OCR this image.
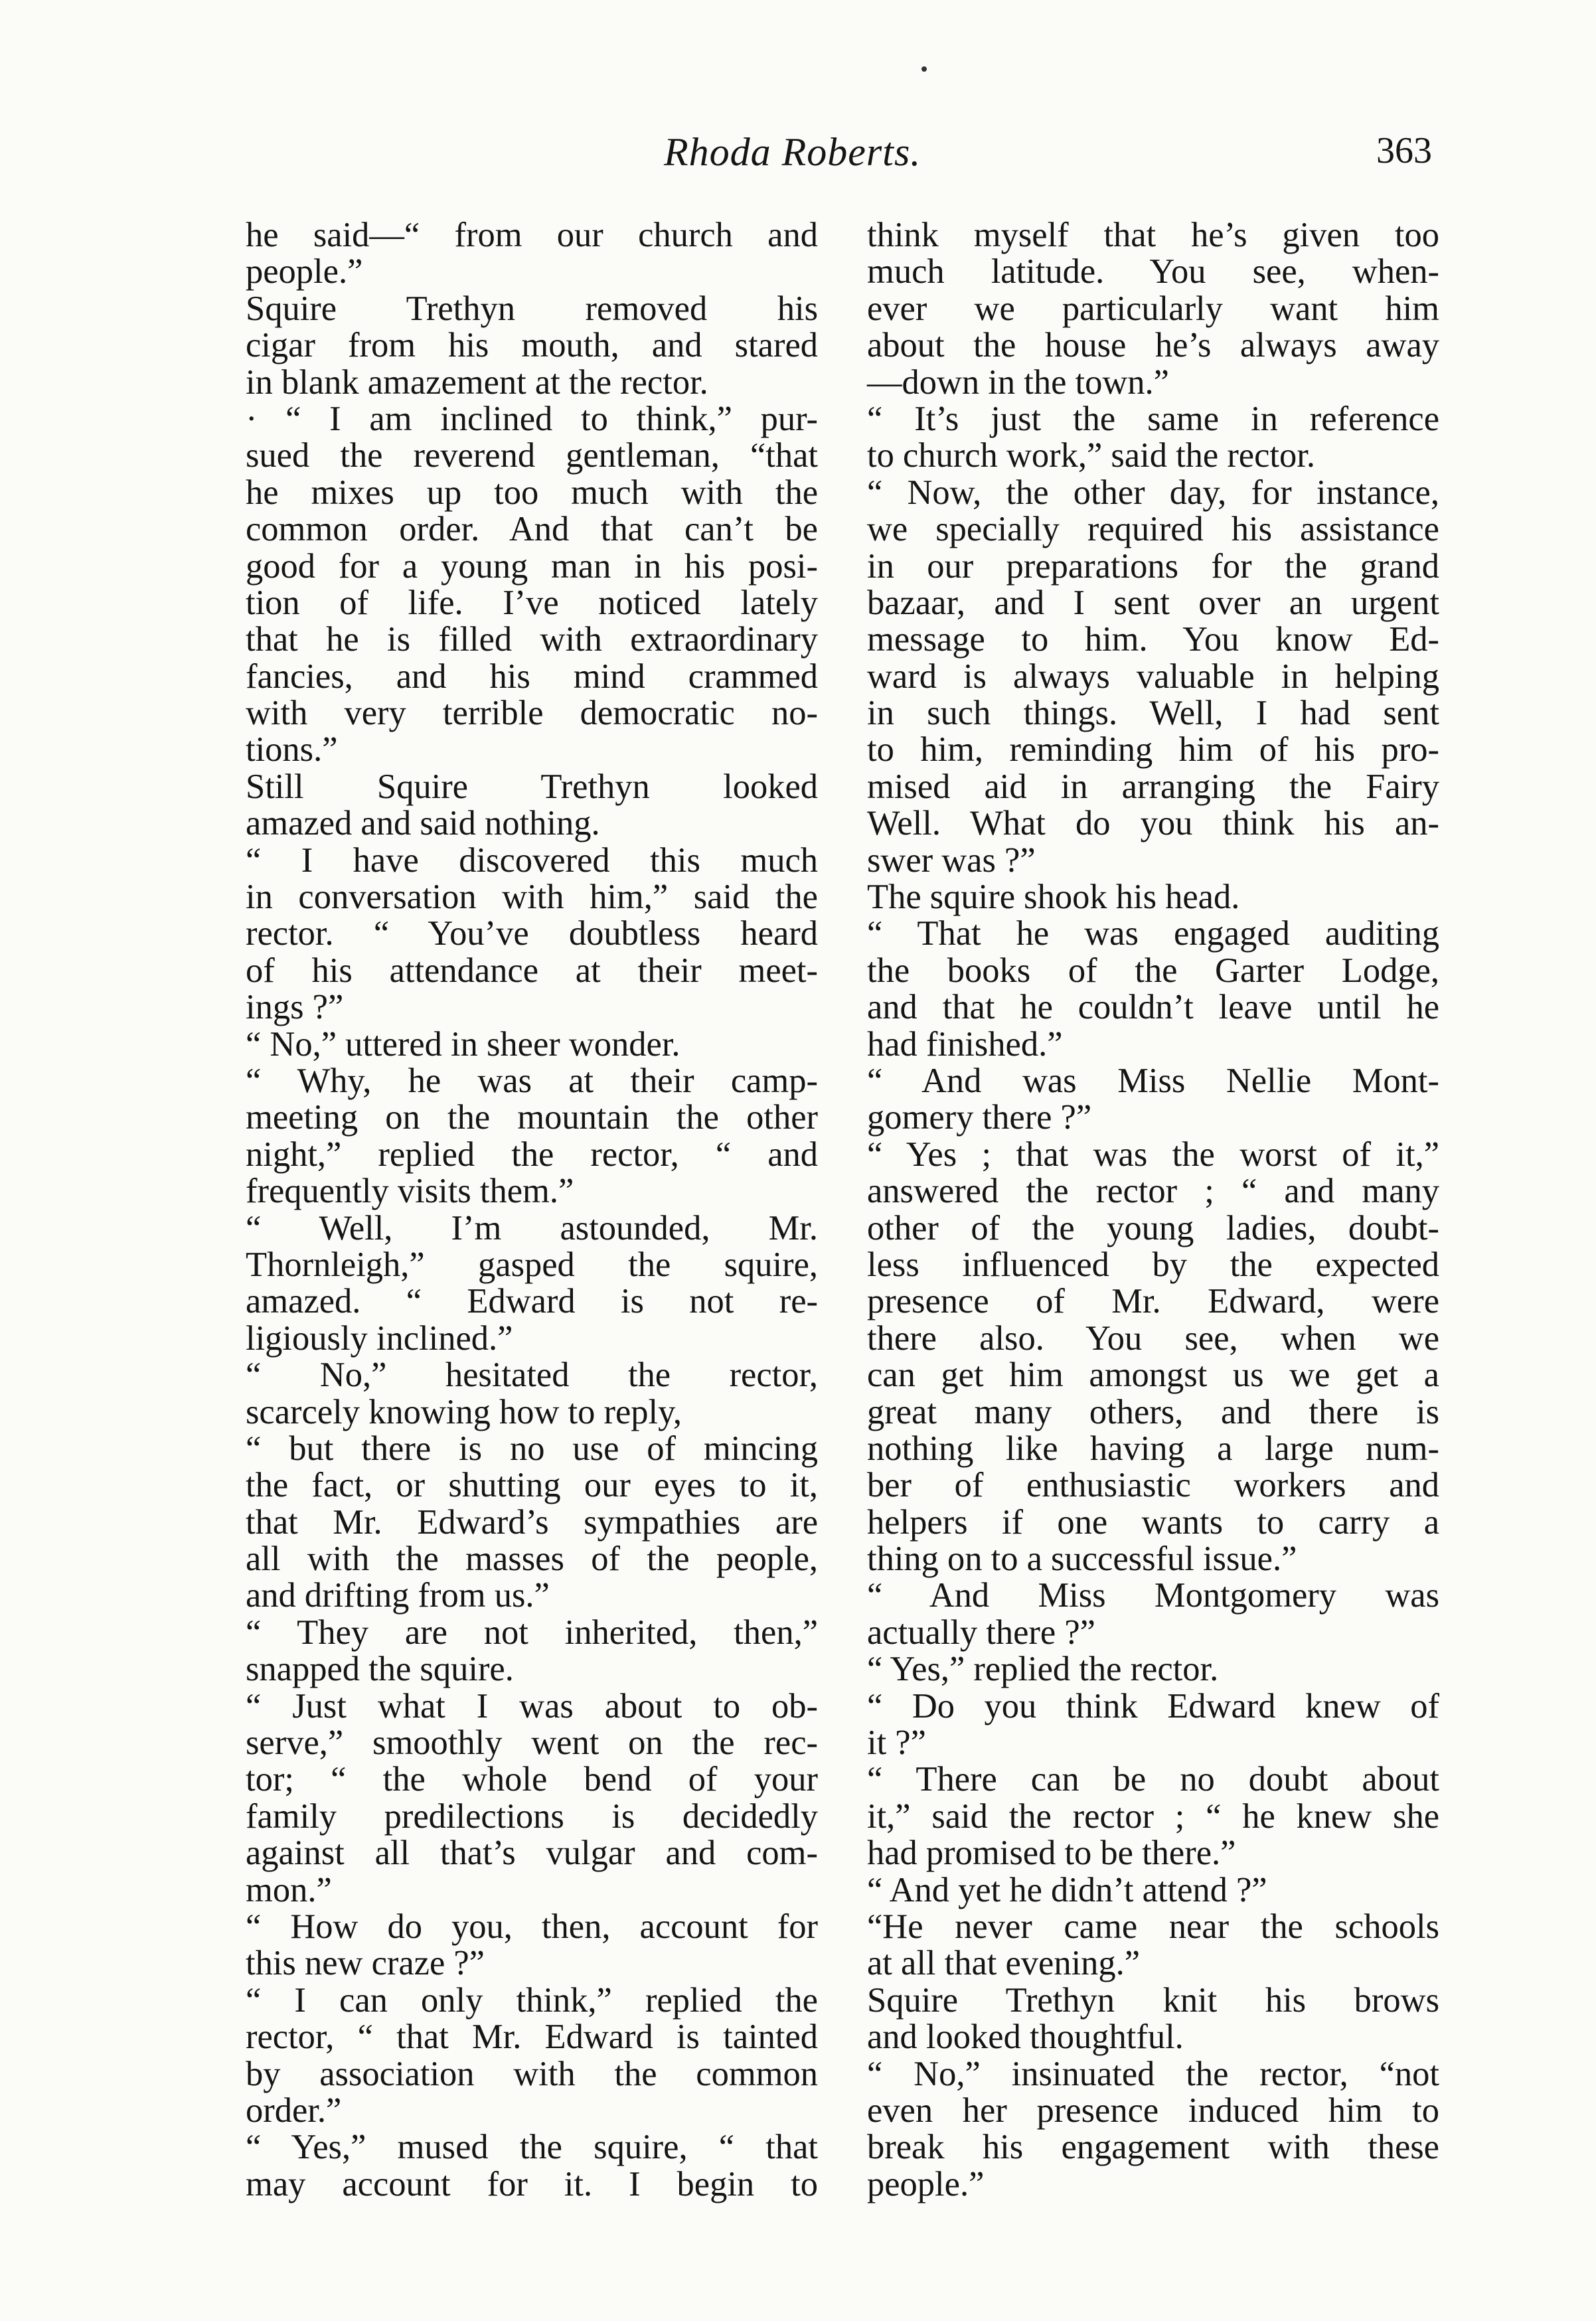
Rhoda Roberts.	363
he said—“ from our church and
people.”
Squire Trethyn removed his
cigar from his mouth, and stared
in blank amazement at the rector.
· “ I am inclined to think,” pur-
sued the reverend gentleman, “that
he mixes up too much with the
common order. And that can’t be
good for a young man in his posi-
tion of life. I’ve noticed lately
that he is filled with extraordinary
fancies, and his mind crammed
with very terrible democratic no-
tions.”
Still Squire Trethyn looked
amazed and said nothing.
“ I have discovered this much
in conversation with him,” said the
rector. “ You’ve doubtless heard
of his attendance at their meet-
ings ?”
“ No,” uttered in sheer wonder.
“ Why, he was at their camp-
meeting on the mountain the other
night,” replied the rector, “ and
frequently visits them.”
“ Well, I’m astounded, Mr.
Thornleigh,” gasped the squire,
amazed. “ Edward is not re-
ligiously inclined.”
“ No,” hesitated the rector,
scarcely knowing how to reply,
“ but there is no use of mincing
the fact, or shutting our eyes to it,
that Mr. Edward’s sympathies are
all with the masses of the people,
and drifting from us.”
“ They are not inherited, then,”
snapped the squire.
“ Just what I was about to ob-
serve,” smoothly went on the rec-
tor; “ the whole bend of your
family predilections is decidedly
against all that’s vulgar and com-
mon.”
“ How do you, then, account for
this new craze ?”
“ I can only think,” replied the
rector, “ that Mr. Edward is tainted
by association with the common
order.”
“ Yes,” mused the squire, “ that
may account for it. I begin to
think myself that he’s given too
much latitude. You see, when-
ever we particularly want him
about the house he’s always away
—down in the town.”
“ It’s just the same in reference
to church work,” said the rector.
“ Now, the other day, for instance,
we specially required his assistance
in our preparations for the grand
bazaar, and I sent over an urgent
message to him. You know Ed-
ward is always valuable in helping
in such things. Well, I had sent
to him, reminding him of his pro-
mised aid in arranging the Fairy
Well. What do you think his an-
swer was ?”
The squire shook his head.
“ That he was engaged auditing
the books of the Garter Lodge,
and that he couldn’t leave until he
had finished.”
“ And was Miss Nellie Mont-
gomery there ?”
“ Yes ; that was the worst of it,”
answered the rector ; “ and many
other of the young ladies, doubt-
less influenced by the expected
presence of Mr. Edward, were
there also. You see, when we
can get him amongst us we get a
great many others, and there is
nothing like having a large num-
ber of enthusiastic workers and
helpers if one wants to carry a
thing on to a successful issue.”
“ And Miss Montgomery was
actually there ?”
“ Yes,” replied the rector.
“ Do you think Edward knew of
it ?”
“ There can be no doubt about
it,” said the rector ; “ he knew she
had promised to be there.”
“ And yet he didn’t attend ?”
“He never came near the schools
at all that evening.”
Squire Trethyn knit his brows
and looked thoughtful.
“ No,” insinuated the rector, “not
even her presence induced him to
break his engagement with these
people.”
